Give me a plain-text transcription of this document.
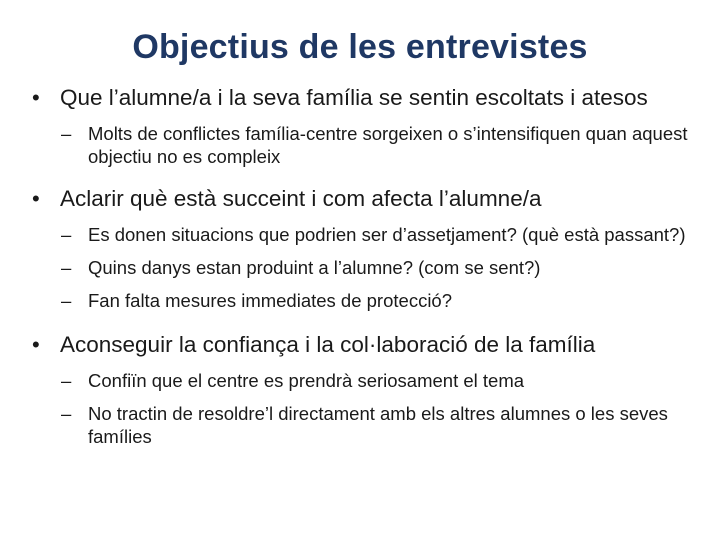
Objectius de les entrevistes
• Que l’alumne/a i la seva família se sentin escoltats i atesos
– Molts de conflictes família-centre sorgeixen o s’intensifiquen quan aquest objectiu no es compleix
• Aclarir què està succeint i com afecta l’alumne/a
– Es donen situacions que podrien ser d’assetjament? (què està passant?)
– Quins danys estan produint a l’alumne? (com se sent?)
– Fan falta mesures immediates de protecció?
• Aconseguir la confiança i la col·laboració de la família
– Confiïn que el centre es prendrà seriosament el tema
– No tractin de resoldre’l directament amb els altres alumnes o les seves famílies
